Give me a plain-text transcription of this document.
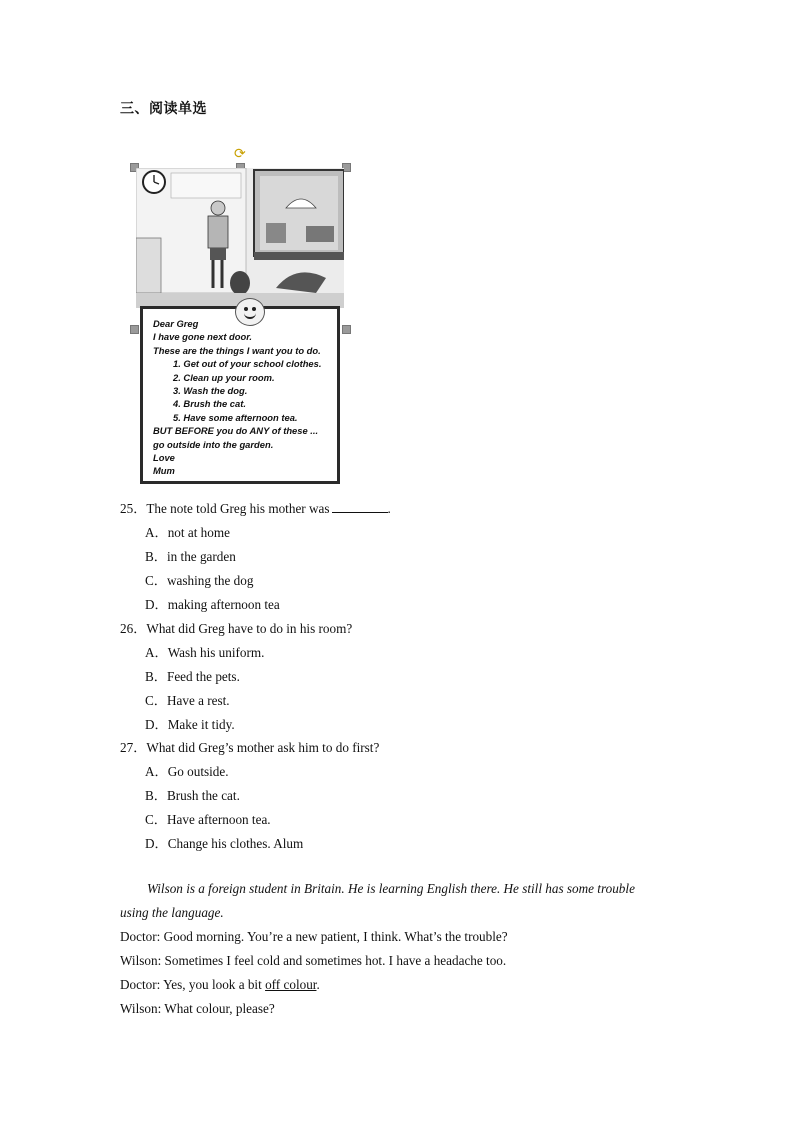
三、阅读单选
⟳
Dear Greg
I have gone next door.
These are the things I want you to do.
1. Get out of your school clothes.
2. Clean up your room.
3. Wash the dog.
4. Brush the cat.
5. Have some afternoon tea.
BUT BEFORE you do ANY of these ...
go outside into the garden.
Love
Mum
25．The note told Greg his mother was	.
A．not at home
B．in the garden
C．washing the dog
D．making afternoon tea
26．What did Greg have to do in his room?
A．Wash his uniform.
B．Feed the pets.
C．Have a rest.
D．Make it tidy.
27．What did Greg’s mother ask him to do first?
A．Go outside.
B．Brush the cat.
C．Have afternoon tea.
D．Change his clothes. Alum
Wilson is a foreign student in Britain. He is learning English there. He still has some trouble
using the language.
Doctor: Good morning. You’re a new patient, I think. What’s the trouble?
Wilson: Sometimes I feel cold and sometimes hot. I have a headache too.
Doctor: Yes, you look a bit off colour.
Wilson: What colour, please?
